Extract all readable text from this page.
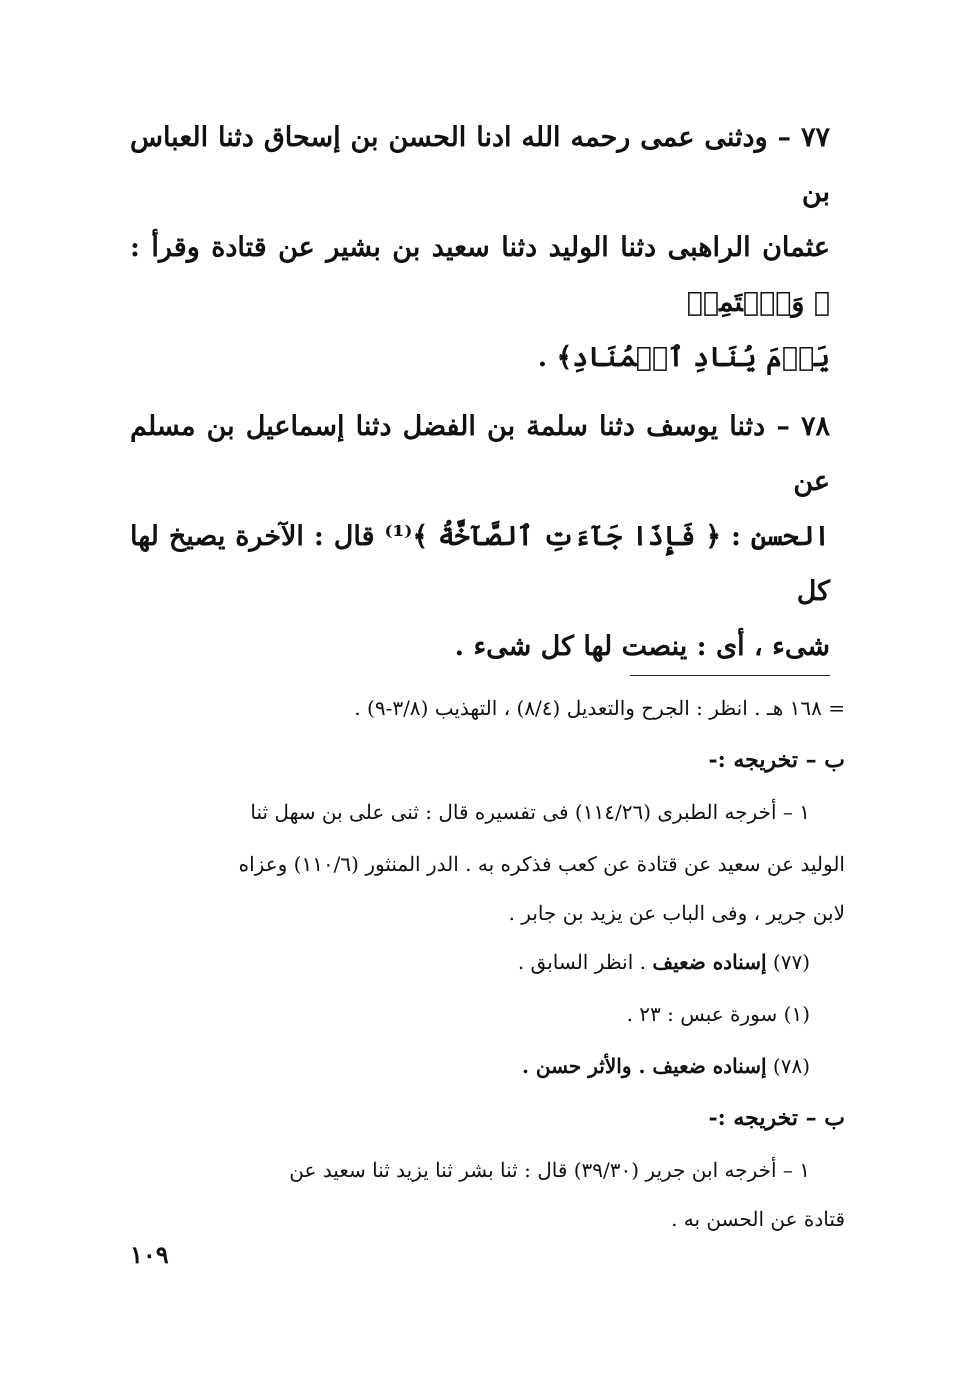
٧٧ – ودثنى عمى رحمه الله ادنا الحسن بن إسحاق دثنا العباس بن
عثمان الراهبى دثنا الوليد دثنا سعيد بن بشير عن قتادة وقرأ : ﴿ وَٱسۡتَمِعۡ
يَوۡمَ يُنَادِ ٱلۡمُنَادِ﴾ .

٧٨ – دثنا يوسف دثنا سلمة بن الفضل دثنا إسماعيل بن مسلم عن
الحسن : ﴿ فَإِذَا جَآءَتِ ٱلصَّآخَّةُ ﴾⁽¹⁾ قال : الآخرة يصيخ لها كل
شىء ، أى : ينصت لها كل شىء .

= ١٦٨ هـ . انظر : الجرح والتعديل (٨/٤) ، التهذيب (٣/٨-٩) .

ب – تخريجه :-

١ – أخرجه الطبرى (١١٤/٢٦) فى تفسيره قال : ثنى على بن سهل ثنا

الوليد عن سعيد عن قتادة عن كعب فذكره به . الدر المنثور (١١٠/٦) وعزاه

لابن جرير ، وفى الباب عن يزيد بن جابر .

(٧٧) إسناده ضعيف . انظر السابق .

(١) سورة عبس : ٢٣ .

(٧٨) إسناده ضعيف . والأثر حسن .

ب – تخريجه :-

١ – أخرجه ابن جرير (٣٩/٣٠) قال : ثنا بشر ثنا يزيد ثنا سعيد عن

قتادة عن الحسن به .

١٠٩
